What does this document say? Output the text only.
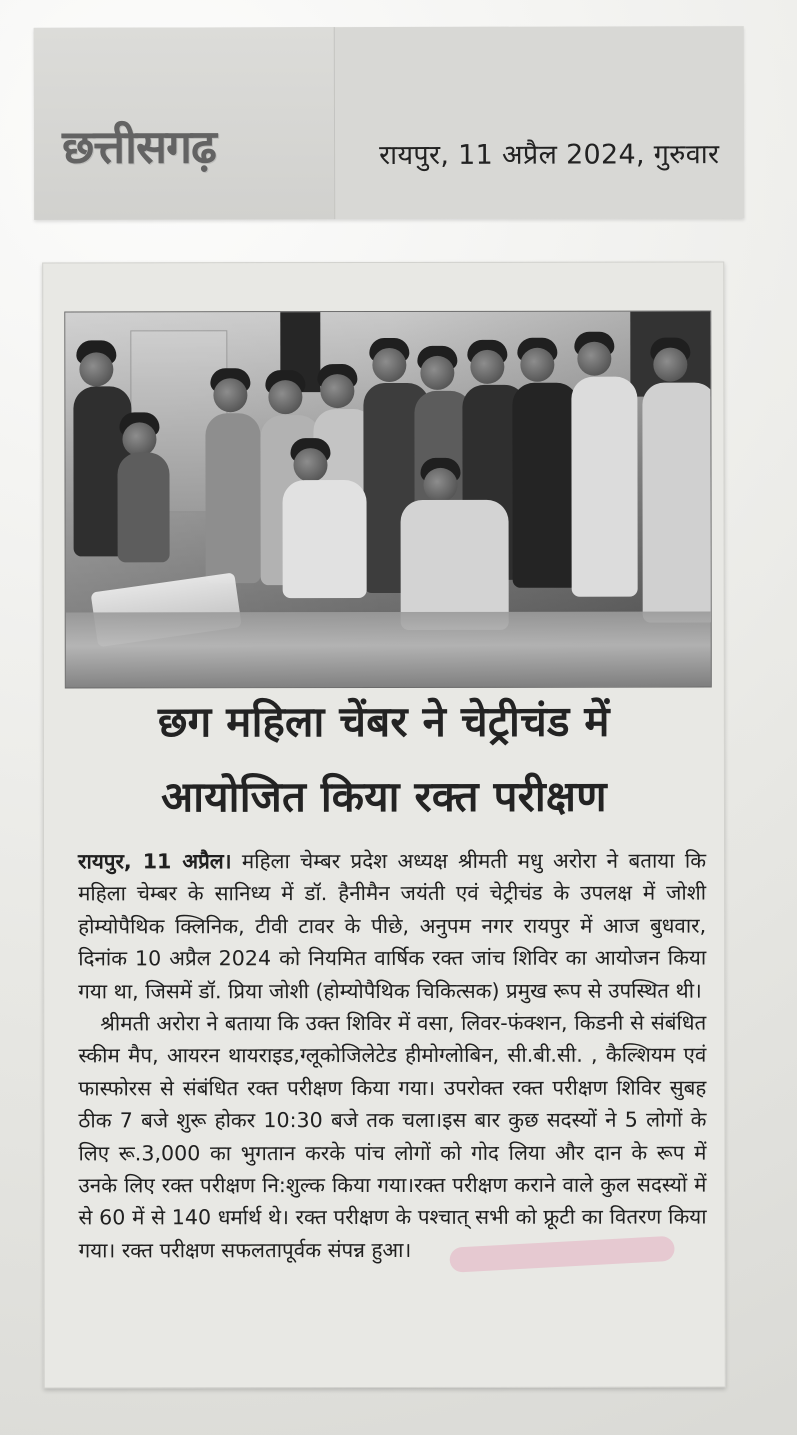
छत्तीसगढ़	रायपुर, 11 अप्रैल 2024, गुरुवार
छग महिला चेंबर ने चेट्रीचंड में
आयोजित किया रक्त परीक्षण

रायपुर, 11 अप्रैल। महिला चेम्बर प्रदेश अध्यक्ष श्रीमती मधु अरोरा ने बताया कि महिला चेम्बर के सानिध्य में डॉ. हैनीमैन जयंती एवं चेट्रीचंड के उपलक्ष में जोशी होम्योपैथिक क्लिनिक, टीवी टावर के पीछे, अनुपम नगर रायपुर में आज बुधवार, दिनांक 10 अप्रैल 2024 को नियमित वार्षिक रक्त जांच शिविर का आयोजन किया गया था, जिसमें डॉ. प्रिया जोशी (होम्योपैथिक चिकित्सक) प्रमुख रूप से उपस्थित थी।

श्रीमती अरोरा ने बताया कि उक्त शिविर में वसा, लिवर-फंक्शन, किडनी से संबंधित स्कीम मैप, आयरन थायराइड,ग्लूकोजिलेटेड हीमोग्लोबिन, सी.बी.सी. , कैल्शियम एवं फास्फोरस से संबंधित रक्त परीक्षण किया गया। उपरोक्त रक्त परीक्षण शिविर सुबह ठीक 7 बजे शुरू होकर 10:30 बजे तक चला।इस बार कुछ सदस्यों ने 5 लोगों के लिए रू.3,000 का भुगतान करके पांच लोगों को गोद लिया और दान के रूप में उनके लिए रक्त परीक्षण नि:शुल्क किया गया।रक्त परीक्षण कराने वाले कुल सदस्यों में से 60 में से 140 धर्मार्थ थे। रक्त परीक्षण के पश्चात् सभी को फ्रूटी का वितरण किया गया। रक्त परीक्षण सफलतापूर्वक संपन्न हुआ।
